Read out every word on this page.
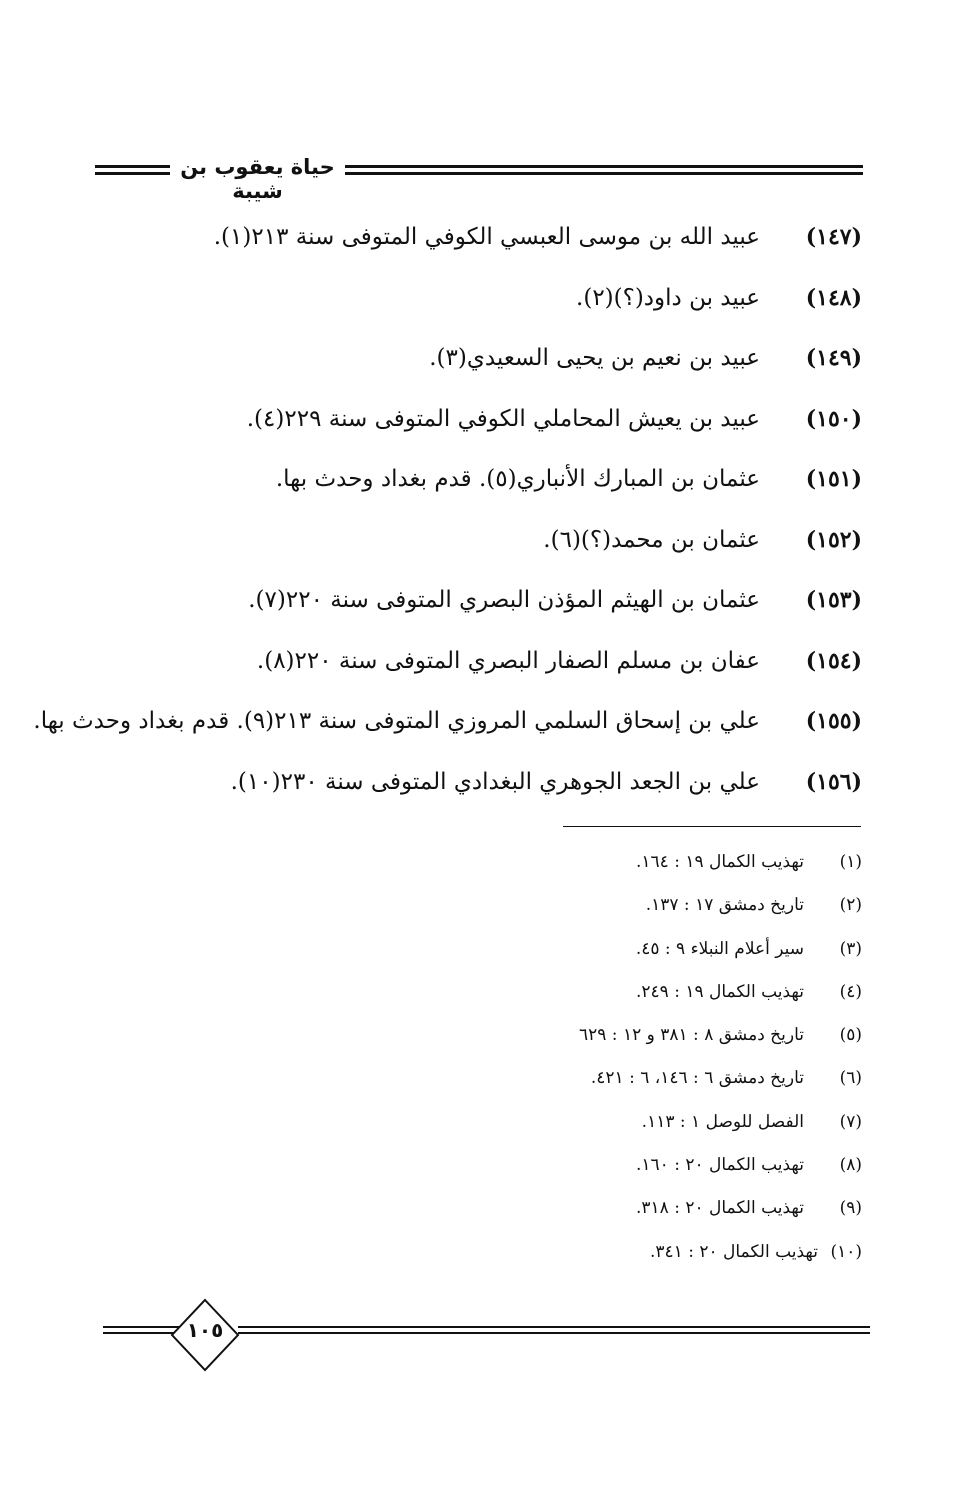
حياة يعقوب بن شيبة
(١٤٧)
عبيد الله بن موسى العبسي الكوفي المتوفى سنة ٢١٣(١).
(١٤٨)
عبيد بن داود(؟)(٢).
(١٤٩)
عبيد بن نعيم بن يحيى السعيدي(٣).
(١٥٠)
عبيد بن يعيش المحاملي الكوفي المتوفى سنة ٢٢٩(٤).
(١٥١)
عثمان بن المبارك الأنباري(٥). قدم بغداد وحدث بها.
(١٥٢)
عثمان بن محمد(؟)(٦).
(١٥٣)
عثمان بن الهيثم المؤذن البصري المتوفى سنة ٢٢٠(٧).
(١٥٤)
عفان بن مسلم الصفار البصري المتوفى سنة ٢٢٠(٨).
(١٥٥)
علي بن إسحاق السلمي المروزي المتوفى سنة ٢١٣(٩). قدم بغداد وحدث بها.
(١٥٦)
علي بن الجعد الجوهري البغدادي المتوفى سنة ٢٣٠(١٠).
(١)
تهذيب الكمال ١٩ : ١٦٤.
(٢)
تاريخ دمشق ١٧ : ١٣٧.
(٣)
سير أعلام النبلاء ٩ : ٤٥.
(٤)
تهذيب الكمال ١٩ : ٢٤٩.
(٥)
تاريخ دمشق ٨ : ٣٨١ و ١٢ : ٦٢٩
(٦)
تاريخ دمشق ٦ : ١٤٦، ٦ : ٤٢١.
(٧)
الفصل للوصل ١ : ١١٣.
(٨)
تهذيب الكمال ٢٠ : ١٦٠.
(٩)
تهذيب الكمال ٢٠ : ٣١٨.
(١٠)
تهذيب الكمال ٢٠ : ٣٤١.
١٠٥
